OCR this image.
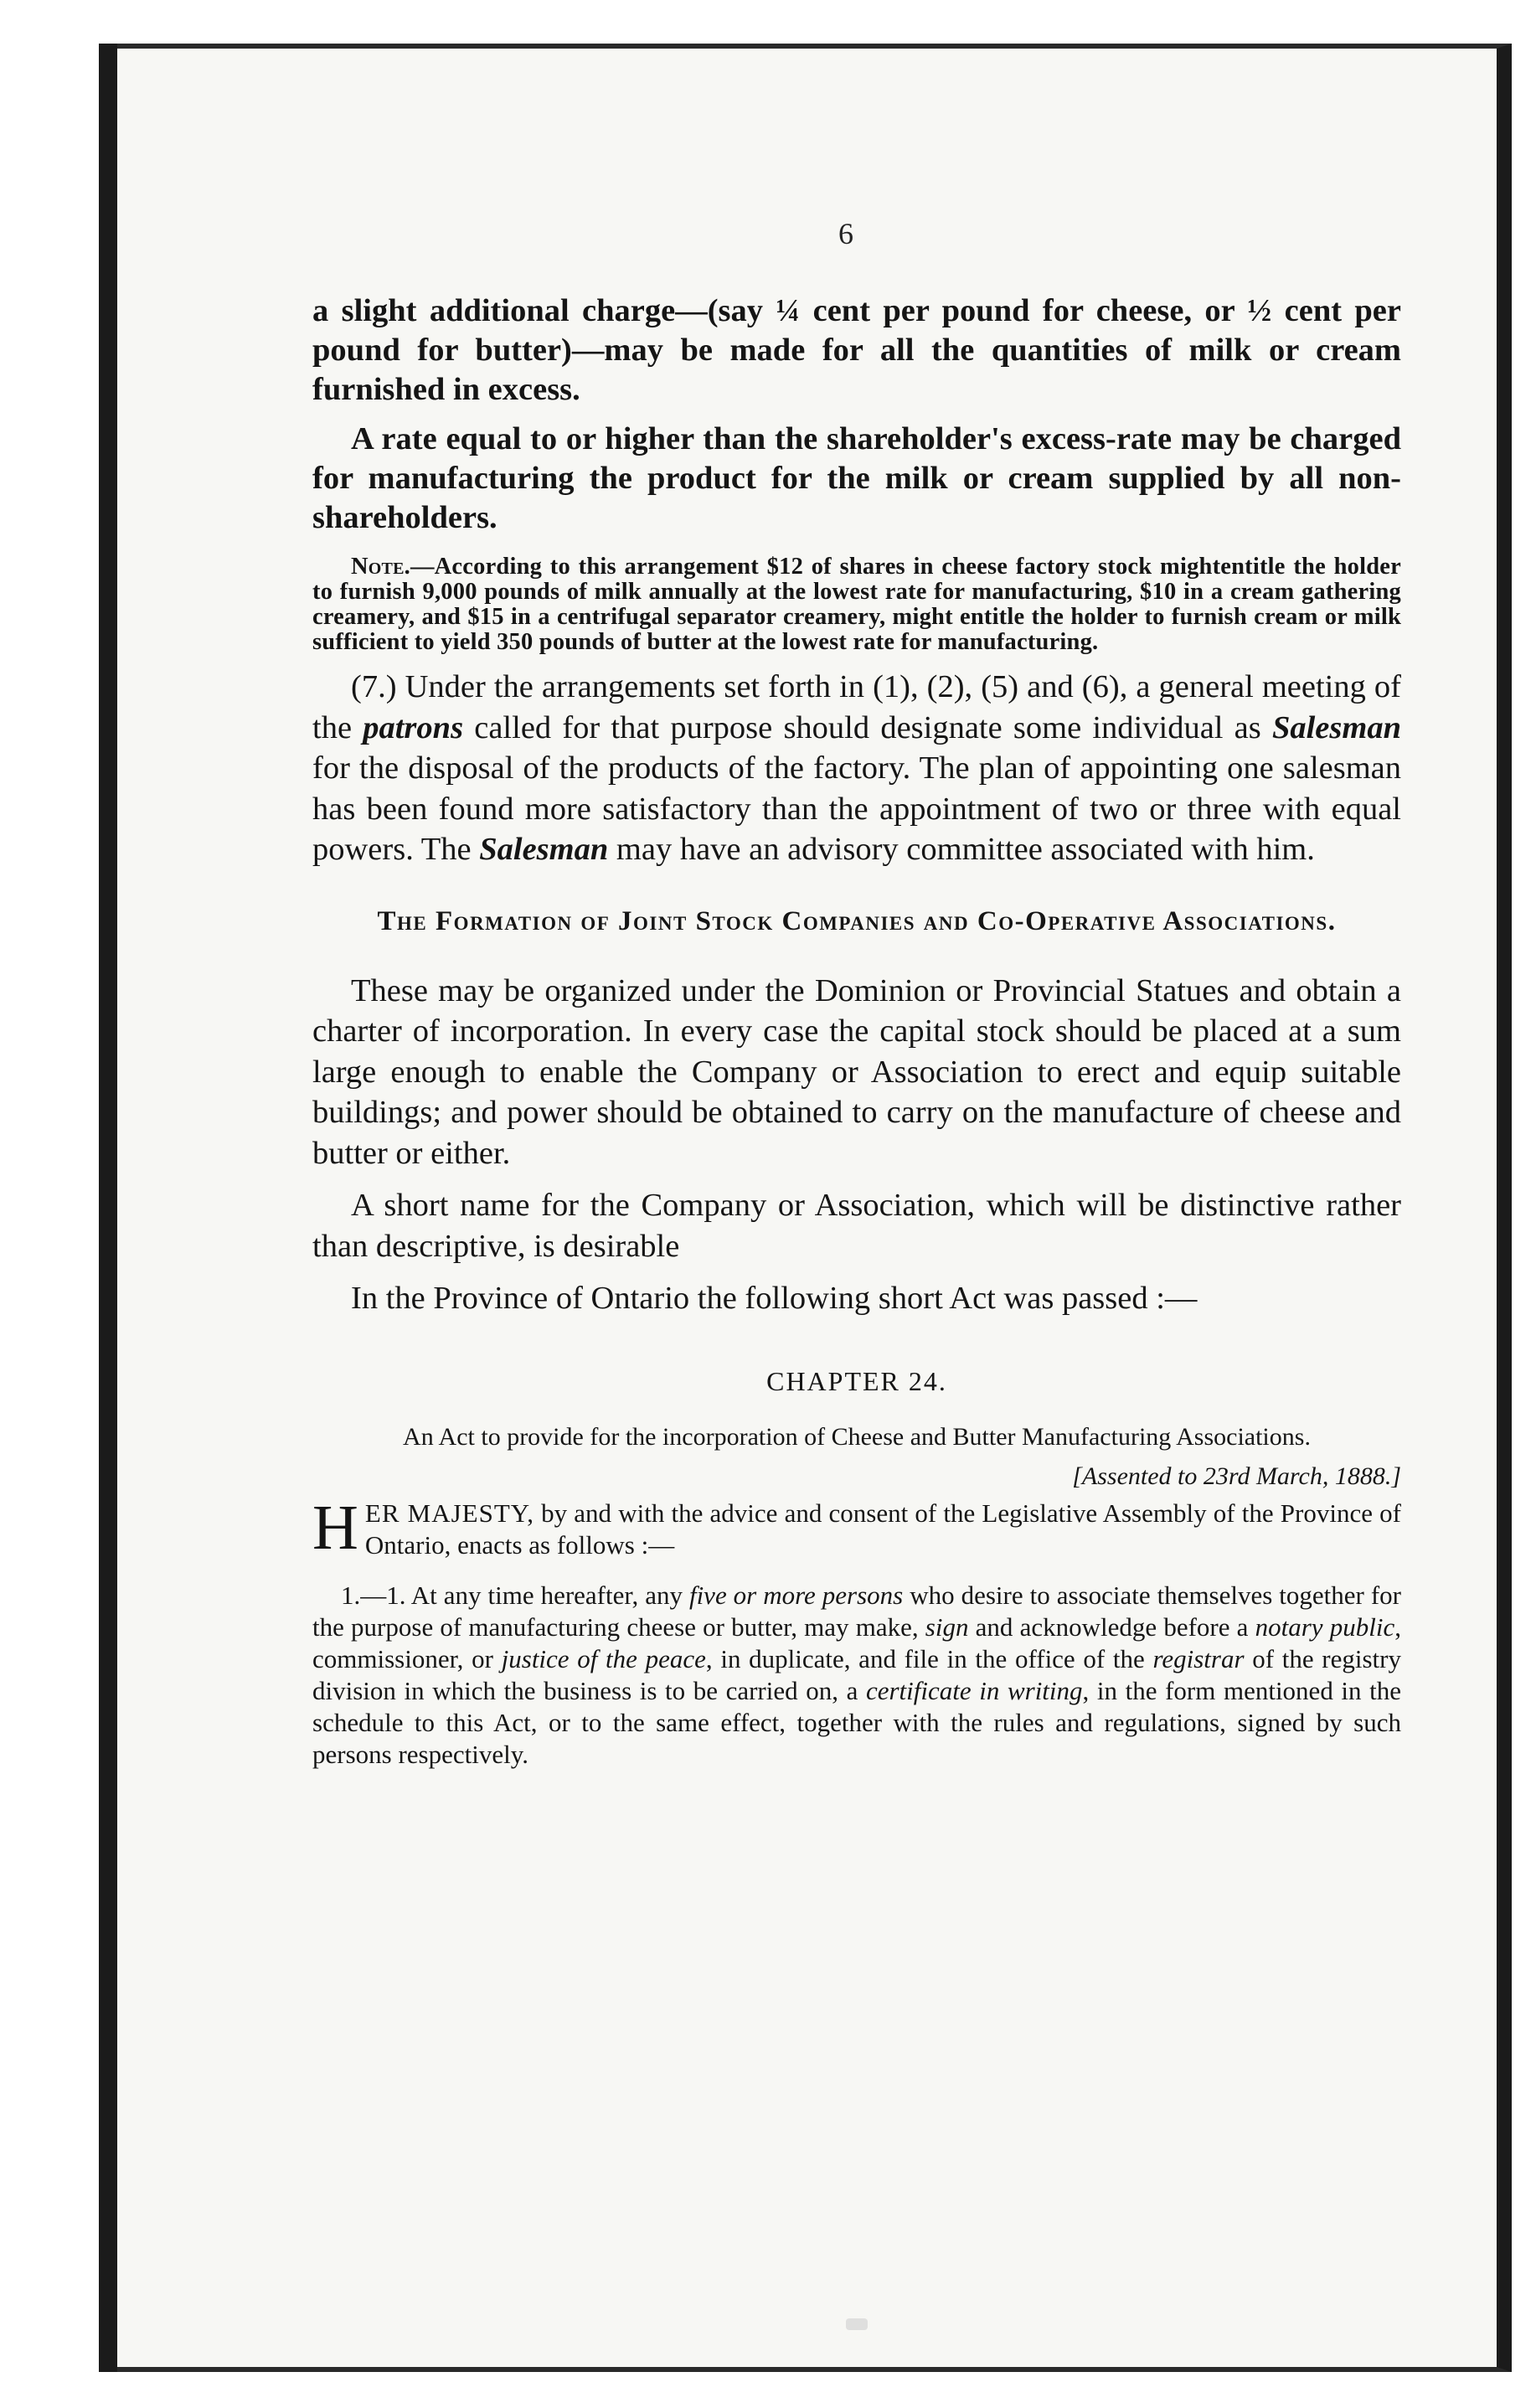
6

a slight additional charge—(say ¼ cent per pound for cheese, or ½ cent per pound for butter)—may be made for all the quantities of milk or cream furnished in excess.

A rate equal to or higher than the shareholder's excess-rate may be charged for manufacturing the product for the milk or cream supplied by all non-shareholders.

Note.—According to this arrangement $12 of shares in cheese factory stock mightentitle the holder to furnish 9,000 pounds of milk annually at the lowest rate for manufacturing, $10 in a cream gathering creamery, and $15 in a centrifugal separator creamery, might entitle the holder to furnish cream or milk sufficient to yield 350 pounds of butter at the lowest rate for manufacturing.

(7.) Under the arrangements set forth in (1), (2), (5) and (6), a general meeting of the patrons called for that purpose should designate some individual as Salesman for the disposal of the products of the factory. The plan of appointing one salesman has been found more satisfactory than the appointment of two or three with equal powers. The Salesman may have an advisory committee associated with him.

The Formation of Joint Stock Companies and Co-Operative Associations.

These may be organized under the Dominion or Provincial Statues and obtain a charter of incorporation. In every case the capital stock should be placed at a sum large enough to enable the Company or Association to erect and equip suitable buildings; and power should be obtained to carry on the manufacture of cheese and butter or either.

A short name for the Company or Association, which will be distinctive rather than descriptive, is desirable

In the Province of Ontario the following short Act was passed :—

CHAPTER 24.

An Act to provide for the incorporation of Cheese and Butter Manufacturing Associations.

[Assented to 23rd March, 1888.]

HER MAJESTY, by and with the advice and consent of the Legislative Assembly of the Province of Ontario, enacts as follows :—

1.—1. At any time hereafter, any five or more persons who desire to associate themselves together for the purpose of manufacturing cheese or butter, may make, sign and acknowledge before a notary public, commissioner, or justice of the peace, in duplicate, and file in the office of the registrar of the registry division in which the business is to be carried on, a certificate in writing, in the form mentioned in the schedule to this Act, or to the same effect, together with the rules and regulations, signed by such persons respectively.
